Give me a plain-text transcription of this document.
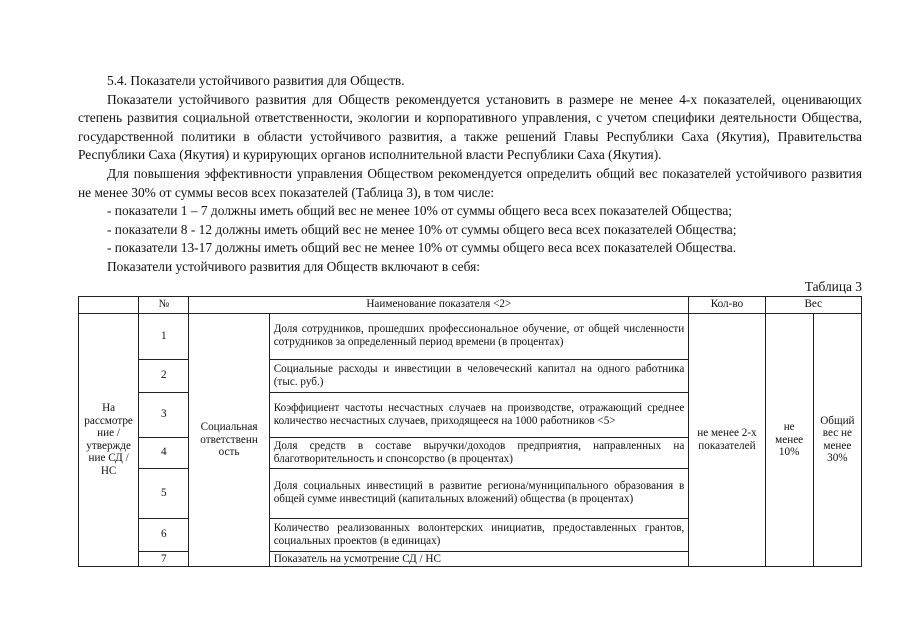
5.4. Показатели устойчивого развития для Обществ.

Показатели устойчивого развития для Обществ рекомендуется установить в размере не менее 4-х показателей, оценивающих степень развития социальной ответственности, экологии и корпоративного управления, с учетом специфики деятельности Общества, государственной политики в области устойчивого развития, а также решений Главы Республики Саха (Якутия), Правительства Республики Саха (Якутия) и курирующих органов исполнительной власти Республики Саха (Якутия).

Для повышения эффективности управления Обществом рекомендуется определить общий вес показателей устойчивого развития не менее 30% от суммы весов всех показателей (Таблица 3), в том числе:

- показатели 1 – 7 должны иметь общий вес не менее 10% от суммы общего веса всех показателей Общества;

- показатели 8 - 12 должны иметь общий вес не менее 10% от суммы общего веса всех показателей Общества;

- показатели 13-17 должны иметь общий вес не менее 10% от суммы общего веса всех показателей Общества.

Показатели устойчивого развития для Обществ включают в себя:

Таблица 3
	№	Наименование показателя <2>		Кол-во	Вес	
На рассмотре ние /утвержде ние СД / НС	1	Социальная ответственн ость	Доля сотрудников, прошедших профессиональное обучение, от общей численности сотрудников за определенный период времени (в процентах)	не менее 2-х показателей	не менее 10%	Общий вес не менее 30%
	2		Социальные расходы и инвестиции в человеческий капитал на одного работника (тыс. руб.)			
	3		Коэффициент частоты несчастных случаев на производстве, отражающий среднее количество несчастных случаев, приходящееся на 1000 работников <5>			
	4		Доля средств в составе выручки/доходов предприятия, направленных на благотворительность и спонсорство (в процентах)			
	5		Доля социальных инвестиций в развитие региона/муниципального образования в общей сумме инвестиций (капитальных вложений) общества (в процентах)			
	6		Количество реализованных волонтерских инициатив, предоставленных грантов, социальных проектов (в единицах)			
	7		Показатель на усмотрение СД / НС			
